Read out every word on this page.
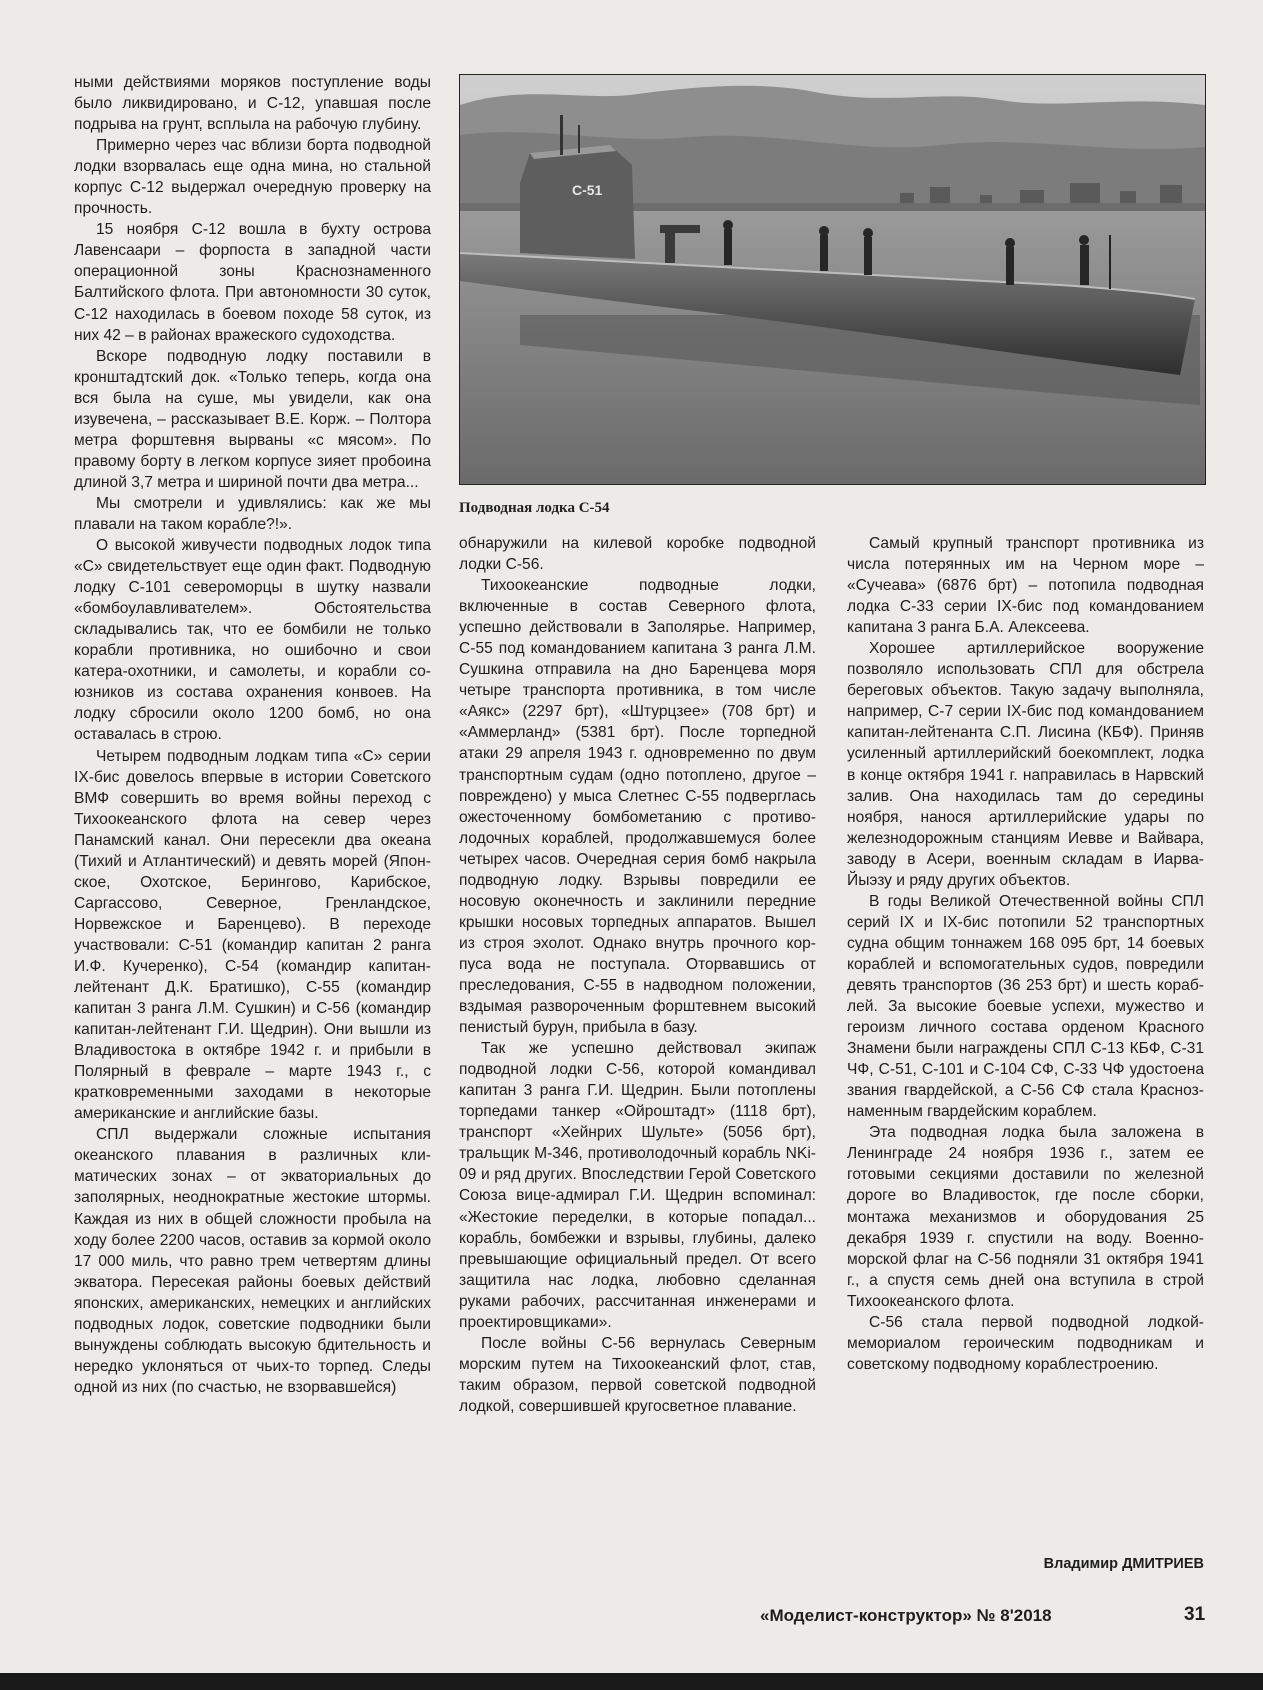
ными действиями моряков поступление воды было ликвидировано, и С-12, упавшая после подрыва на грунт, всплыла на рабочую глубину.

Примерно через час вблизи борта подводной лодки взорвалась еще одна мина, но стальной корпус С-12 выдержал очередную проверку на прочность.

15 ноября С-12 вошла в бухту острова Лавенсаари – форпоста в западной части операционной зоны Краснознаменного Балтийского флота. При автономности 30 суток, С-12 находилась в боевом походе 58 суток, из них 42 – в районах вражеского судоходства.

Вскоре подводную лодку поставили в кронштадтский док. «Только теперь, когда она вся была на суше, мы увидели, как она изувечена, – рассказывает В.Е. Корж. – Полтора метра форштевня вырваны «с мясом». По правому борту в легком корпусе зияет пробоина длиной 3,7 метра и шириной почти два метра...

Мы смотрели и удивлялись: как же мы плавали на таком корабле?!».

О высокой живучести подводных лодок типа «С» свидетельствует еще один факт. Подводную лодку С-101 североморцы в шутку назвали «бомбоулавливателем». Обстоятельства складывались так, что ее бомбили не только корабли противника, но ошибочно и свои катера-охотники, и самолеты, и корабли союзников из состава охранения конвоев. На лодку сбросили около 1200 бомб, но она оставалась в строю.

Четырем подводным лодкам типа «С» серии IX-бис довелось впервые в истории Советского ВМФ совершить во время войны переход с Тихоокеанского флота на север через Панамский канал. Они пересекли два океана (Тихий и Атлантический) и девять морей (Японское, Охотское, Берингово, Карибское, Саргассово, Северное, Гренландское, Норвежское и Баренцево). В переходе участвовали: С-51 (командир капитан 2 ранга И.Ф. Кучеренко), С-54 (командир капитан-лейтенант Д.К. Братишко), С-55 (командир капитан 3 ранга Л.М. Сушкин) и С-56 (командир капитан-лейтенант Г.И. Щедрин). Они вышли из Владивостока в октябре 1942 г. и прибыли в Полярный в феврале – марте 1943 г., с кратковременными заходами в некоторые американские и английские базы.

СПЛ выдержали сложные испытания океанского плавания в различных климатических зонах – от экваториальных до заполярных, неоднократные жестокие штормы. Каждая из них в общей сложности пробыла на ходу более 2200 часов, оставив за кормой около 17 000 миль, что равно трем четвертям длины экватора. Пересекая районы боевых действий японских, американских, немецких и английских подводных лодок, советские подводники были вынуждены соблюдать высокую бдительность и нередко уклоняться от чьих-то торпед. Следы одной из них (по счастью, не взорвавшейся)

С-51
Подводная лодка С-54

обнаружили на килевой коробке подводной лодки С-56.

Тихоокеанские подводные лодки, включенные в состав Северного флота, успешно действовали в Заполярье. Например, С-55 под командованием капитана 3 ранга Л.М. Сушкина отправила на дно Баренцева моря четыре транспорта противника, в том числе «Аякс» (2297 брт), «Штурцзее» (708 брт) и «Аммерланд» (5381 брт). После торпедной атаки 29 апреля 1943 г. одновременно по двум транспортным судам (одно потоплено, другое – повреждено) у мыса Слетнес С-55 подверглась ожесточенному бомбометанию с противолодочных кораблей, продолжавшемуся более четырех часов. Очередная серия бомб накрыла подводную лодку. Взрывы повредили ее носовую оконечность и заклинили передние крышки носовых торпедных аппаратов. Вышел из строя эхолот. Однако внутрь прочного корпуса вода не поступала. Оторвавшись от преследования, С-55 в надводном положении, вздымая развороченным форштевнем высокий пенистый бурун, прибыла в базу.

Так же успешно действовал экипаж подводной лодки С-56, которой командивал капитан 3 ранга Г.И. Щедрин. Были потоплены торпедами танкер «Ойроштадт» (1118 брт), транспорт «Хейнрих Шульте» (5056 брт), тральщик М-346, противолодочный корабль NKi-09 и ряд других. Впоследствии Герой Советского Союза вице-адмирал Г.И. Щедрин вспоминал: «Жестокие переделки, в которые попадал... корабль, бомбежки и взрывы, глубины, далеко превышающие официальный предел. От всего защитила нас лодка, любовно сделанная руками рабочих, рассчитанная инженерами и проектировщиками».

После войны С-56 вернулась Северным морским путем на Тихоокеанский флот, став, таким образом, первой советской подводной лодкой, совершившей кругосветное плавание.

Самый крупный транспорт противника из числа потерянных им на Черном море – «Сучеава» (6876 брт) – потопила подводная лодка С-33 серии IX-бис под командованием капитана 3 ранга Б.А. Алексеева.

Хорошее артиллерийское вооружение позволяло использовать СПЛ для обстрела береговых объектов. Такую задачу выполняла, например, С-7 серии IX-бис под командованием капитан-лейтенанта С.П. Лисина (КБФ). Приняв усиленный артиллерийский боекомплект, лодка в конце октября 1941 г. направилась в Нарвский залив. Она находилась там до середины ноября, нанося артиллерийские удары по железнодорожным станциям Иевве и Вайвара, заводу в Асери, военным складам в Иарва-Йыэзу и ряду других объектов.

В годы Великой Отечественной войны СПЛ серий IX и IX-бис потопили 52 транспортных судна общим тоннажем 168 095 брт, 14 боевых кораблей и вспомогательных судов, повредили девять транспортов (36 253 брт) и шесть кораблей. За высокие боевые успехи, мужество и героизм личного состава орденом Красного Знамени были награждены СПЛ С-13 КБФ, С-31 ЧФ, С-51, С-101 и С-104 СФ, С-33 ЧФ удостоена звания гвардейской, а С-56 СФ стала Краснознаменным гвардейским кораблем.

Эта подводная лодка была заложена в Ленинграде 24 ноября 1936 г., затем ее готовыми секциями доставили по железной дороге во Владивосток, где после сборки, монтажа механизмов и оборудования 25 декабря 1939 г. спустили на воду. Военно-морской флаг на С-56 подняли 31 октября 1941 г., а спустя семь дней она вступила в строй Тихоокеанского флота.

С-56 стала первой подводной лодкой-мемориалом героическим подводникам и советскому подводному кораблестроению.

Владимир ДМИТРИЕВ
«Моделист-конструктор» № 8'2018	31
